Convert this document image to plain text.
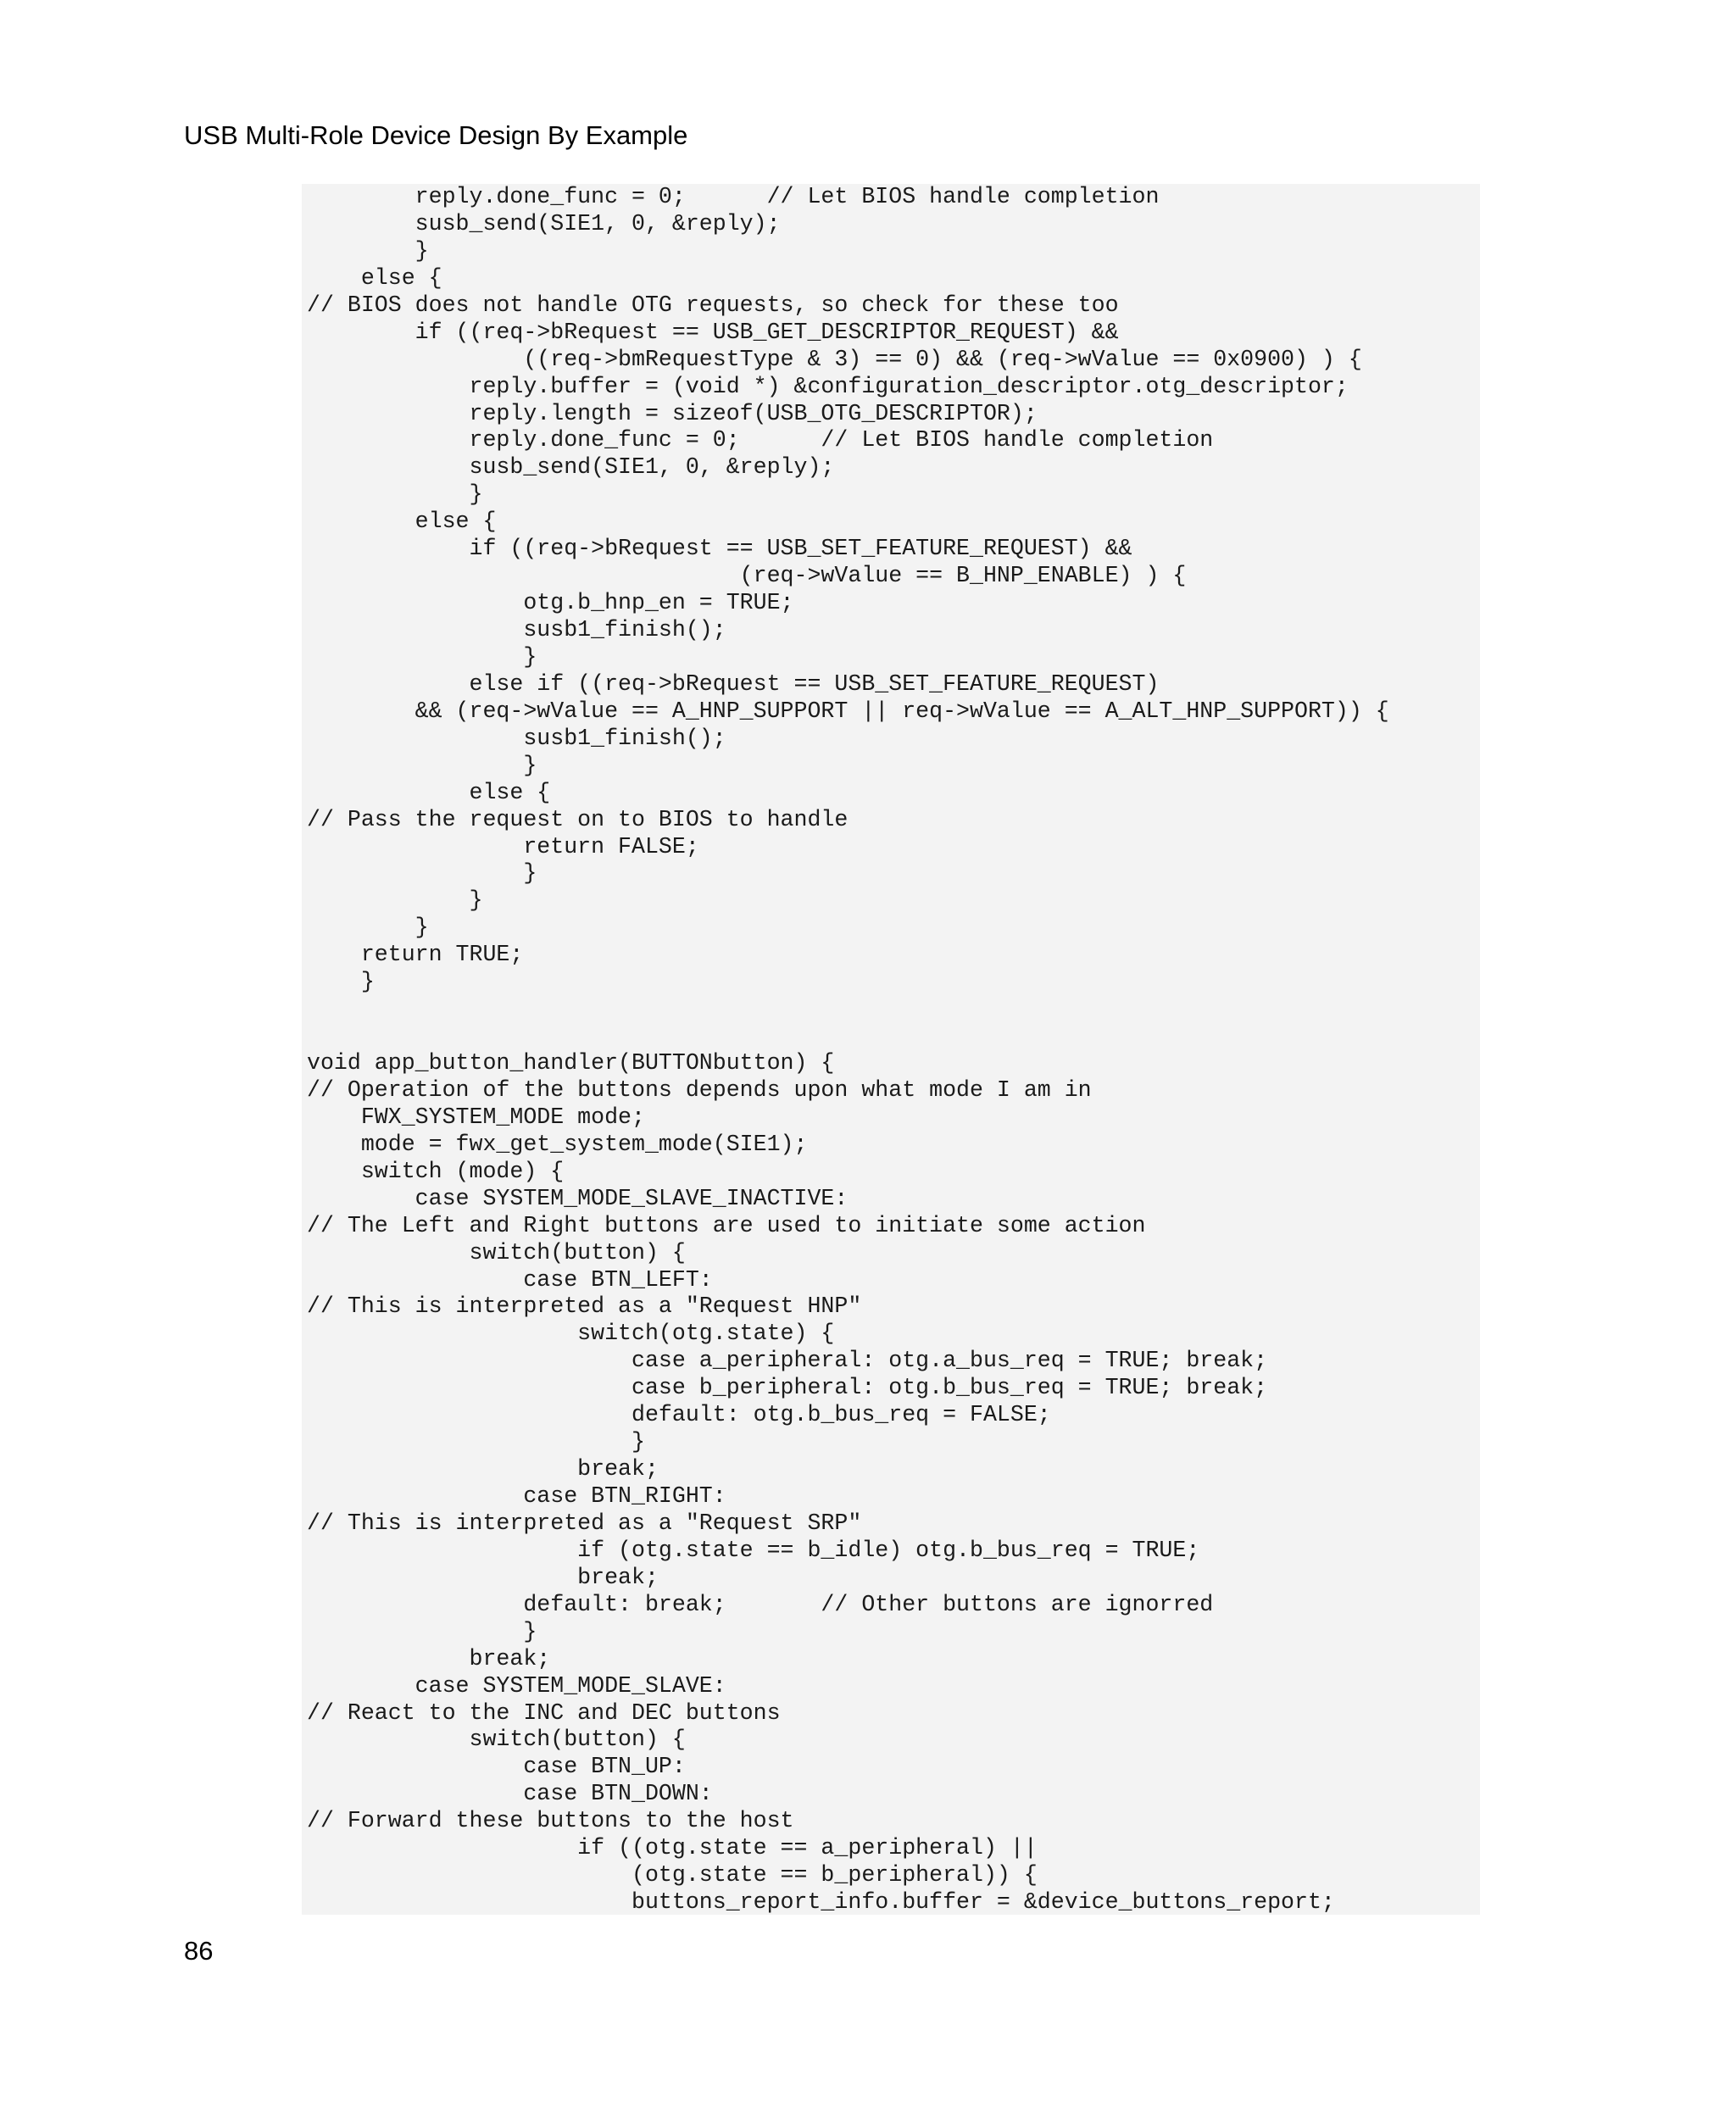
USB Multi-Role Device Design By Example
reply.done_func = 0;      // Let BIOS handle completion
susb_send(SIE1, 0, &reply);
}
else {
// BIOS does not handle OTG requests, so check for these too
if ((req->bRequest == USB_GET_DESCRIPTOR_REQUEST) &&
((req->bmRequestType & 3) == 0) && (req->wValue == 0x0900) ) {
reply.buffer = (void *) &configuration_descriptor.otg_descriptor;
reply.length = sizeof(USB_OTG_DESCRIPTOR);
reply.done_func = 0;      // Let BIOS handle completion
susb_send(SIE1, 0, &reply);
}
else {
if ((req->bRequest == USB_SET_FEATURE_REQUEST) &&
(req->wValue == B_HNP_ENABLE) ) {
otg.b_hnp_en = TRUE;
susb1_finish();
}
else if ((req->bRequest == USB_SET_FEATURE_REQUEST)
&& (req->wValue == A_HNP_SUPPORT || req->wValue == A_ALT_HNP_SUPPORT)) {
susb1_finish();
}
else {
// Pass the request on to BIOS to handle
return FALSE;
}
}
}
return TRUE;
}
void app_button_handler(BUTTONbutton) {
// Operation of the buttons depends upon what mode I am in
FWX_SYSTEM_MODE mode;
mode = fwx_get_system_mode(SIE1);
switch (mode) {
case SYSTEM_MODE_SLAVE_INACTIVE:
// The Left and Right buttons are used to initiate some action
switch(button) {
case BTN_LEFT:
// This is interpreted as a "Request HNP"
switch(otg.state) {
case a_peripheral: otg.a_bus_req = TRUE; break;
case b_peripheral: otg.b_bus_req = TRUE; break;
default: otg.b_bus_req = FALSE;
}
break;
case BTN_RIGHT:
// This is interpreted as a "Request SRP"
if (otg.state == b_idle) otg.b_bus_req = TRUE;
break;
default: break;       // Other buttons are ignorred
}
break;
case SYSTEM_MODE_SLAVE:
// React to the INC and DEC buttons
switch(button) {
case BTN_UP:
case BTN_DOWN:
// Forward these buttons to the host
if ((otg.state == a_peripheral) ||
(otg.state == b_peripheral)) {
buttons_report_info.buffer = &device_buttons_report;
86
